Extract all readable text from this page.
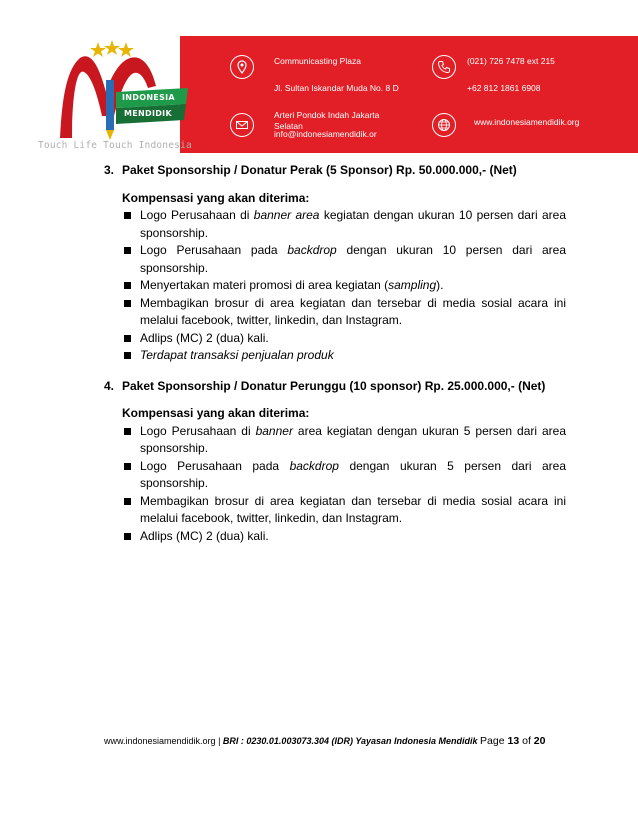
INDONESIA
MENDIDIK
Touch Life Touch Indonesia
Communicasting Plaza
Jl. Sultan Iskandar Muda No. 8 D
Arteri Pondok Indah Jakarta
Selatan
info@indonesiamendidik.or
(021) 726 7478 ext 215
+62 812 1861 6908
www.indonesiamendidik.org
3. Paket Sponsorship / Donatur Perak (5 Sponsor) Rp. 50.000.000,- (Net)
Kompensasi yang akan diterima:
Logo Perusahaan di banner area kegiatan dengan ukuran 10 persen dari area sponsorship.
Logo Perusahaan pada backdrop dengan ukuran 10 persen dari area sponsorship.
Menyertakan materi promosi di area kegiatan (sampling).
Membagikan brosur di area kegiatan dan tersebar di media sosial acara ini melalui facebook, twitter, linkedin, dan Instagram.
Adlips (MC) 2 (dua) kali.
Terdapat transaksi penjualan produk
4. Paket Sponsorship / Donatur Perunggu (10 sponsor) Rp. 25.000.000,- (Net)
Kompensasi yang akan diterima:
Logo Perusahaan di banner area kegiatan dengan ukuran 5 persen dari area sponsorship.
Logo Perusahaan pada backdrop dengan ukuran 5 persen dari area sponsorship.
Membagikan brosur di area kegiatan dan tersebar di media sosial acara ini melalui facebook, twitter, linkedin, dan Instagram.
Adlips (MC) 2 (dua) kali.
www.indonesiamendidik.org | BRI : 0230.01.003073.304 (IDR) Yayasan Indonesia Mendidik Page 13 of 20
